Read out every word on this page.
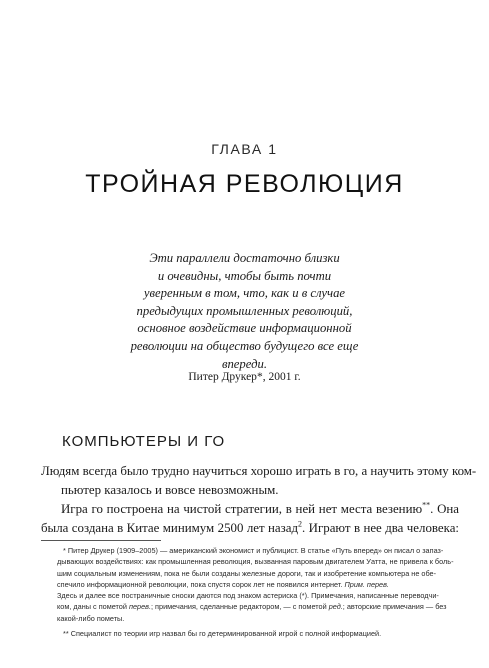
ГЛАВА 1
ТРОЙНАЯ РЕВОЛЮЦИЯ
Эти параллели достаточно близки
и очевидны, чтобы быть почти
уверенным в том, что, как и в случае
предыдущих промышленных революций,
основное воздействие информационной
революции на общество будущего все еще
впереди.
Питер Друкер*, 2001 г.
КОМПЬЮТЕРЫ И ГО
Людям всегда было трудно научиться хорошо играть в го, а научить этому ком-
пьютер казалось и вовсе невозможным.
Игра го построена на чистой стратегии, в ней нет места везению**. Она
была создана в Китае минимум 2500 лет назад$^2$. Играют в нее два человека:
* Питер Друкер (1909–2005) — американский экономист и публицист. В статье «Путь вперед» он писал о запаз-
дывающих воздействиях: как промышленная революция, вызванная паровым двигателем Уатта, не привела к боль-
шим социальным изменениям, пока не были созданы железные дороги, так и изобретение компьютера не обе-
спечило информационной революции, пока спустя сорок лет не появился интернет. Прим. перев.
Здесь и далее все постраничные сноски даются под знаком астериска (*). Примечания, написанные переводчи-
ком, даны с пометой перев.; примечания, сделанные редактором, — с пометой ред.; авторские примечания — без
какой-либо пометы.
** Специалист по теории игр назвал бы го детерминированной игрой с полной информацией.
